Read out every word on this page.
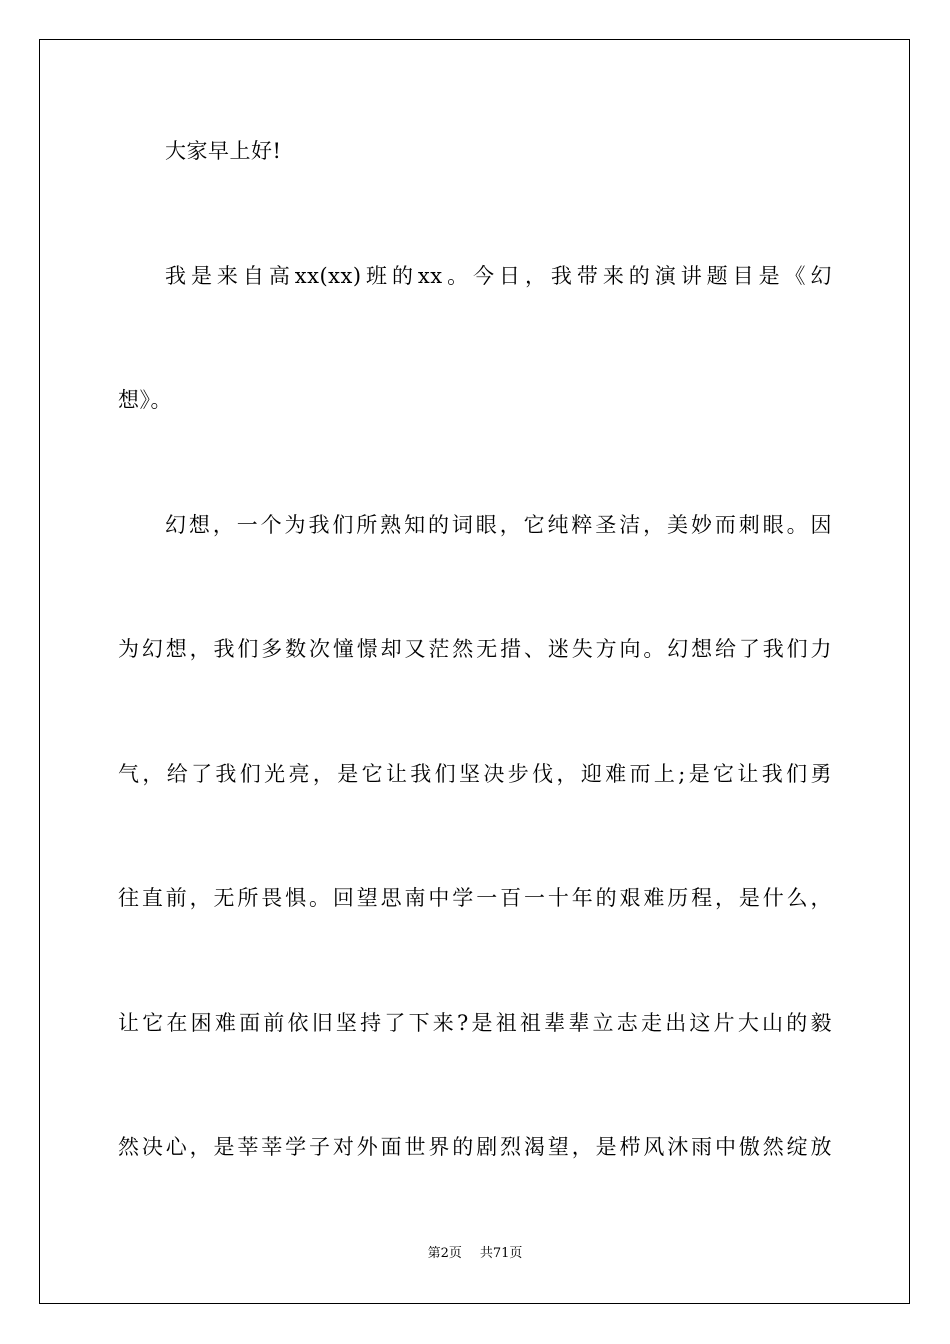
大家早上好!
我是来自高xx(xx)班的xx。今日，我带来的演讲题目是《幻
想》。
幻想，一个为我们所熟知的词眼，它纯粹圣洁，美妙而刺眼。因
为幻想，我们多数次憧憬却又茫然无措、迷失方向。幻想给了我们力
气，给了我们光亮，是它让我们坚决步伐，迎难而上;是它让我们勇
往直前，无所畏惧。回望思南中学一百一十年的艰难历程，是什么，
让它在困难面前依旧坚持了下来?是祖祖辈辈立志走出这片大山的毅
然决心，是莘莘学子对外面世界的剧烈渴望，是栉风沐雨中傲然绽放
第2页 共71页
